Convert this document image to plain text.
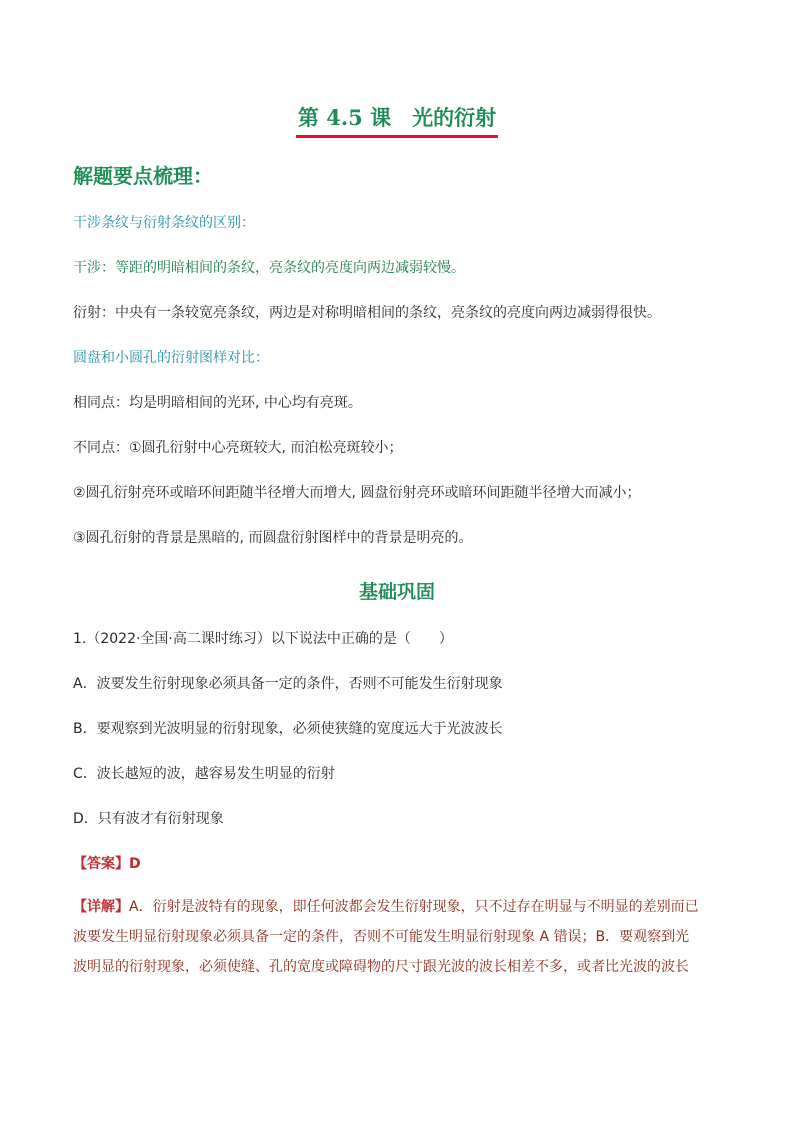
第 4.5 课　光的衍射
解题要点梳理：
干涉条纹与衍射条纹的区别：
干涉：等距的明暗相间的条纹，亮条纹的亮度向两边减弱较慢。
衍射：中央有一条较宽亮条纹，两边是对称明暗相间的条纹，亮条纹的亮度向两边减弱得很快。
圆盘和小圆孔的衍射图样对比：
相同点：均是明暗相间的光环, 中心均有亮斑。
不同点：①圆孔衍射中心亮斑较大, 而泊松亮斑较小；
②圆孔衍射亮环或暗环间距随半径增大而增大, 圆盘衍射亮环或暗环间距随半径增大而减小；
③圆孔衍射的背景是黑暗的, 而圆盘衍射图样中的背景是明亮的。
基础巩固
1.（2022·全国·高二课时练习）以下说法中正确的是（　　）
A．波要发生衍射现象必须具备一定的条件，否则不可能发生衍射现象
B．要观察到光波明显的衍射现象，必须使狭缝的宽度远大于光波波长
C．波长越短的波，越容易发生明显的衍射
D．只有波才有衍射现象
【答案】D
【详解】A．衍射是波特有的现象，即任何波都会发生衍射现象，只不过存在明显与不明显的差别而已
波要发生明显衍射现象必须具备一定的条件，否则不可能发生明显衍射现象 A 错误；B．要观察到光
波明显的衍射现象，必须使缝、孔的宽度或障碍物的尺寸跟光波的波长相差不多，或者比光波的波长
